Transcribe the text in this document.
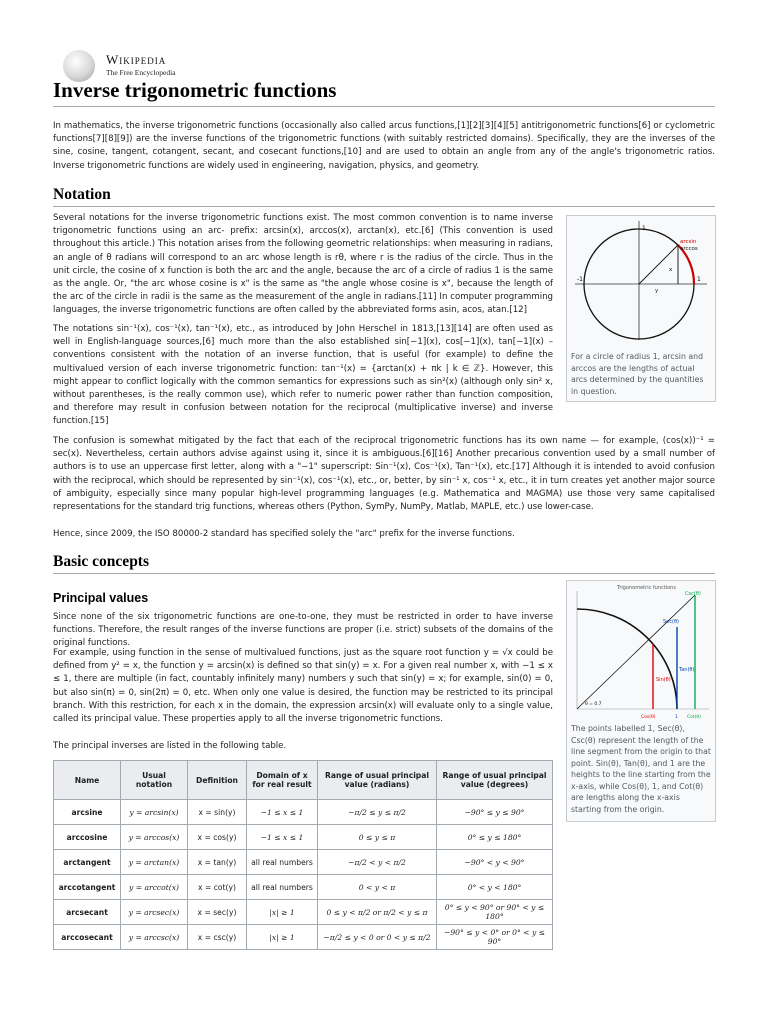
Wikipedia
The Free Encyclopedia
Inverse trigonometric functions

In mathematics, the inverse trigonometric functions (occasionally also called arcus functions,[1][2][3][4][5] antitrigonometric functions[6] or cyclometric functions[7][8][9]) are the inverse functions of the trigonometric functions (with suitably restricted domains). Specifically, they are the inverses of the sine, cosine, tangent, cotangent, secant, and cosecant functions,[10] and are used to obtain an angle from any of the angle's trigonometric ratios. Inverse trigonometric functions are widely used in engineering, navigation, physics, and geometry.

Notation

Several notations for the inverse trigonometric functions exist. The most common convention is to name inverse trigonometric functions using an arc- prefix: arcsin(x), arccos(x), arctan(x), etc.[6] (This convention is used throughout this article.) This notation arises from the following geometric relationships: when measuring in radians, an angle of θ radians will correspond to an arc whose length is rθ, where r is the radius of the circle. Thus in the unit circle, the cosine of x function is both the arc and the angle, because the arc of a circle of radius 1 is the same as the angle. Or, "the arc whose cosine is x" is the same as "the angle whose cosine is x", because the length of the arc of the circle in radii is the same as the measurement of the angle in radians.[11] In computer programming languages, the inverse trigonometric functions are often called by the abbreviated forms asin, acos, atan.[12]

The notations sin⁻¹(x), cos⁻¹(x), tan⁻¹(x), etc., as introduced by John Herschel in 1813,[13][14] are often used as well in English-language sources,[6] much more than the also established sin[−1](x), cos[−1](x), tan[−1](x) – conventions consistent with the notation of an inverse function, that is useful (for example) to define the multivalued version of each inverse trigonometric function: tan⁻¹(x) = {arctan(x) + πk | k ∈ ℤ}. However, this might appear to conflict logically with the common semantics for expressions such as sin²(x) (although only sin² x, without parentheses, is the really common use), which refer to numeric power rather than function composition, and therefore may result in confusion between notation for the reciprocal (multiplicative inverse) and inverse function.[15]

1
-1	1
arcsin
arccos
x
y
For a circle of radius 1, arcsin and arccos are the lengths of actual arcs determined by the quantities in question.

The confusion is somewhat mitigated by the fact that each of the reciprocal trigonometric functions has its own name — for example, (cos(x))⁻¹ = sec(x). Nevertheless, certain authors advise against using it, since it is ambiguous.[6][16] Another precarious convention used by a small number of authors is to use an uppercase first letter, along with a "−1" superscript: Sin⁻¹(x), Cos⁻¹(x), Tan⁻¹(x), etc.[17] Although it is intended to avoid confusion with the reciprocal, which should be represented by sin⁻¹(x), cos⁻¹(x), etc., or, better, by sin⁻¹ x, cos⁻¹ x, etc., it in turn creates yet another major source of ambiguity, especially since many popular high-level programming languages (e.g. Mathematica and MAGMA) use those very same capitalised representations for the standard trig functions, whereas others (Python, SymPy, NumPy, Matlab, MAPLE, etc.) use lower-case.

Hence, since 2009, the ISO 80000-2 standard has specified solely the "arc" prefix for the inverse functions.

Basic concepts
Principal values

Since none of the six trigonometric functions are one-to-one, they must be restricted in order to have inverse functions. Therefore, the result ranges of the inverse functions are proper (i.e. strict) subsets of the domains of the original functions.

For example, using function in the sense of multivalued functions, just as the square root function y = √x could be defined from y² = x, the function y = arcsin(x) is defined so that sin(y) = x. For a given real number x, with −1 ≤ x ≤ 1, there are multiple (in fact, countably infinitely many) numbers y such that sin(y) = x; for example, sin(0) = 0, but also sin(π) = 0, sin(2π) = 0, etc. When only one value is desired, the function may be restricted to its principal branch. With this restriction, for each x in the domain, the expression arcsin(x) will evaluate only to a single value, called its principal value. These properties apply to all the inverse trigonometric functions.

The principal inverses are listed in the following table.

Trigonometric functions
Csc(θ)
Sec(θ)
Tan(θ)
Sin(θ)
Cos(θ)	Cot(θ)
1
θ = 0.7
The points labelled 1, Sec(θ), Csc(θ) represent the length of the line segment from the origin to that point. Sin(θ), Tan(θ), and 1 are the heights to the line starting from the x-axis, while Cos(θ), 1, and Cot(θ) are lengths along the x-axis starting from the origin.
Name	Usual notation	Definition	Domain of x for real result	Range of usual principal value (radians)	Range of usual principal value (degrees)
arcsine	y = arcsin(x)	x = sin(y)	−1 ≤ x ≤ 1	−π/2 ≤ y ≤ π/2	−90° ≤ y ≤ 90°
arccosine	y = arccos(x)	x = cos(y)	−1 ≤ x ≤ 1	0 ≤ y ≤ π	0° ≤ y ≤ 180°
arctangent	y = arctan(x)	x = tan(y)	all real numbers	−π/2 < y < π/2	−90° < y < 90°
arccotangent	y = arccot(x)	x = cot(y)	all real numbers	0 < y < π	0° < y < 180°
arcsecant	y = arcsec(x)	x = sec(y)	|x| ≥ 1	0 ≤ y < π/2 or π/2 < y ≤ π	0° ≤ y < 90° or 90° < y ≤ 180°
arccosecant	y = arccsc(x)	x = csc(y)	|x| ≥ 1	−π/2 ≤ y < 0 or 0 < y ≤ π/2	−90° ≤ y < 0° or 0° < y ≤ 90°
